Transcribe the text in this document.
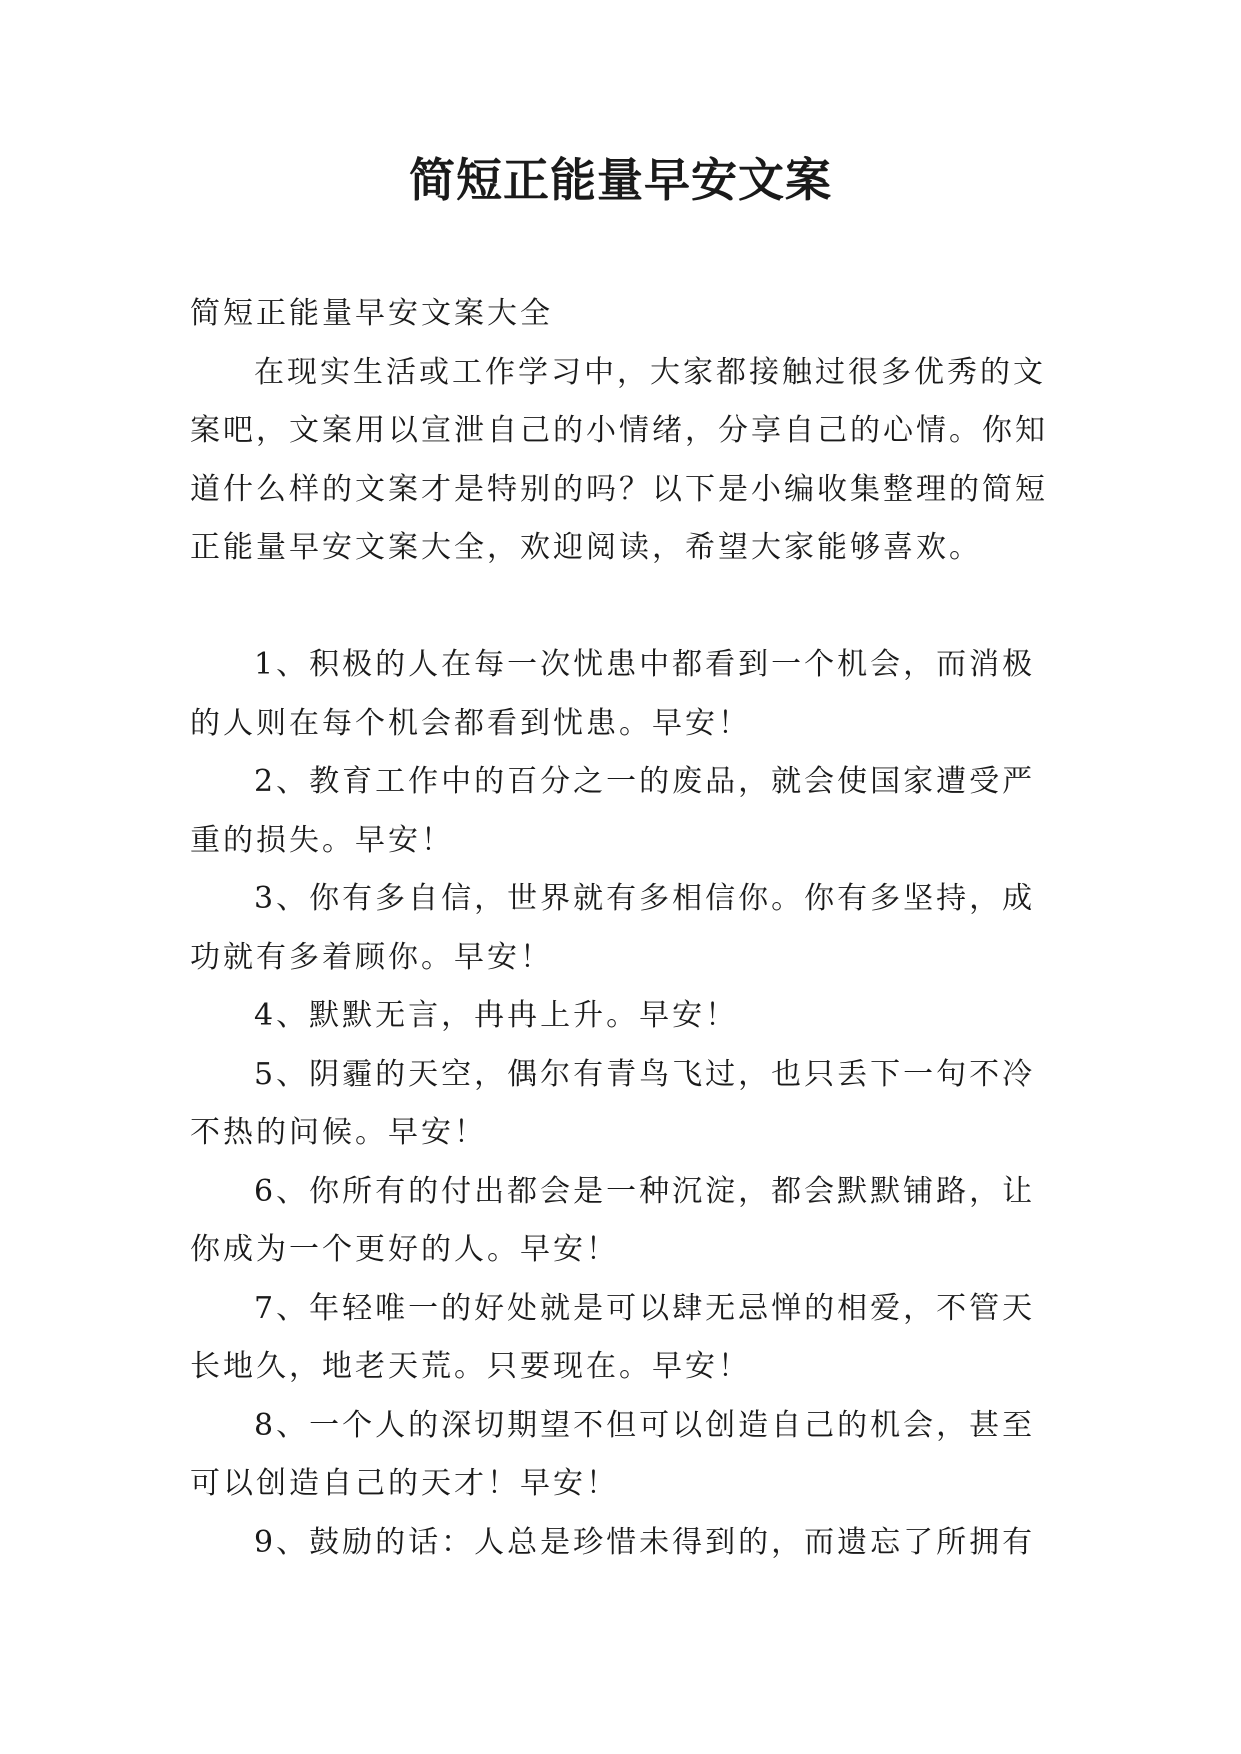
简短正能量早安文案

简短正能量早安文案大全

在现实生活或工作学习中，大家都接触过很多优秀的文案吧，文案用以宣泄自己的小情绪，分享自己的心情。你知道什么样的文案才是特别的吗？以下是小编收集整理的简短正能量早安文案大全，欢迎阅读，希望大家能够喜欢。

1、积极的人在每一次忧患中都看到一个机会，而消极的人则在每个机会都看到忧患。早安！

2、教育工作中的百分之一的废品，就会使国家遭受严重的损失。早安！

3、你有多自信，世界就有多相信你。你有多坚持，成功就有多着顾你。早安！

4、默默无言，冉冉上升。早安！

5、阴霾的天空，偶尔有青鸟飞过，也只丢下一句不冷不热的问候。早安！

6、你所有的付出都会是一种沉淀，都会默默铺路，让你成为一个更好的人。早安！

7、年轻唯一的好处就是可以肆无忌惮的相爱，不管天长地久，地老天荒。只要现在。早安！

8、一个人的深切期望不但可以创造自己的机会，甚至可以创造自己的天才！早安！

9、鼓励的话：人总是珍惜未得到的，而遗忘了所拥有
